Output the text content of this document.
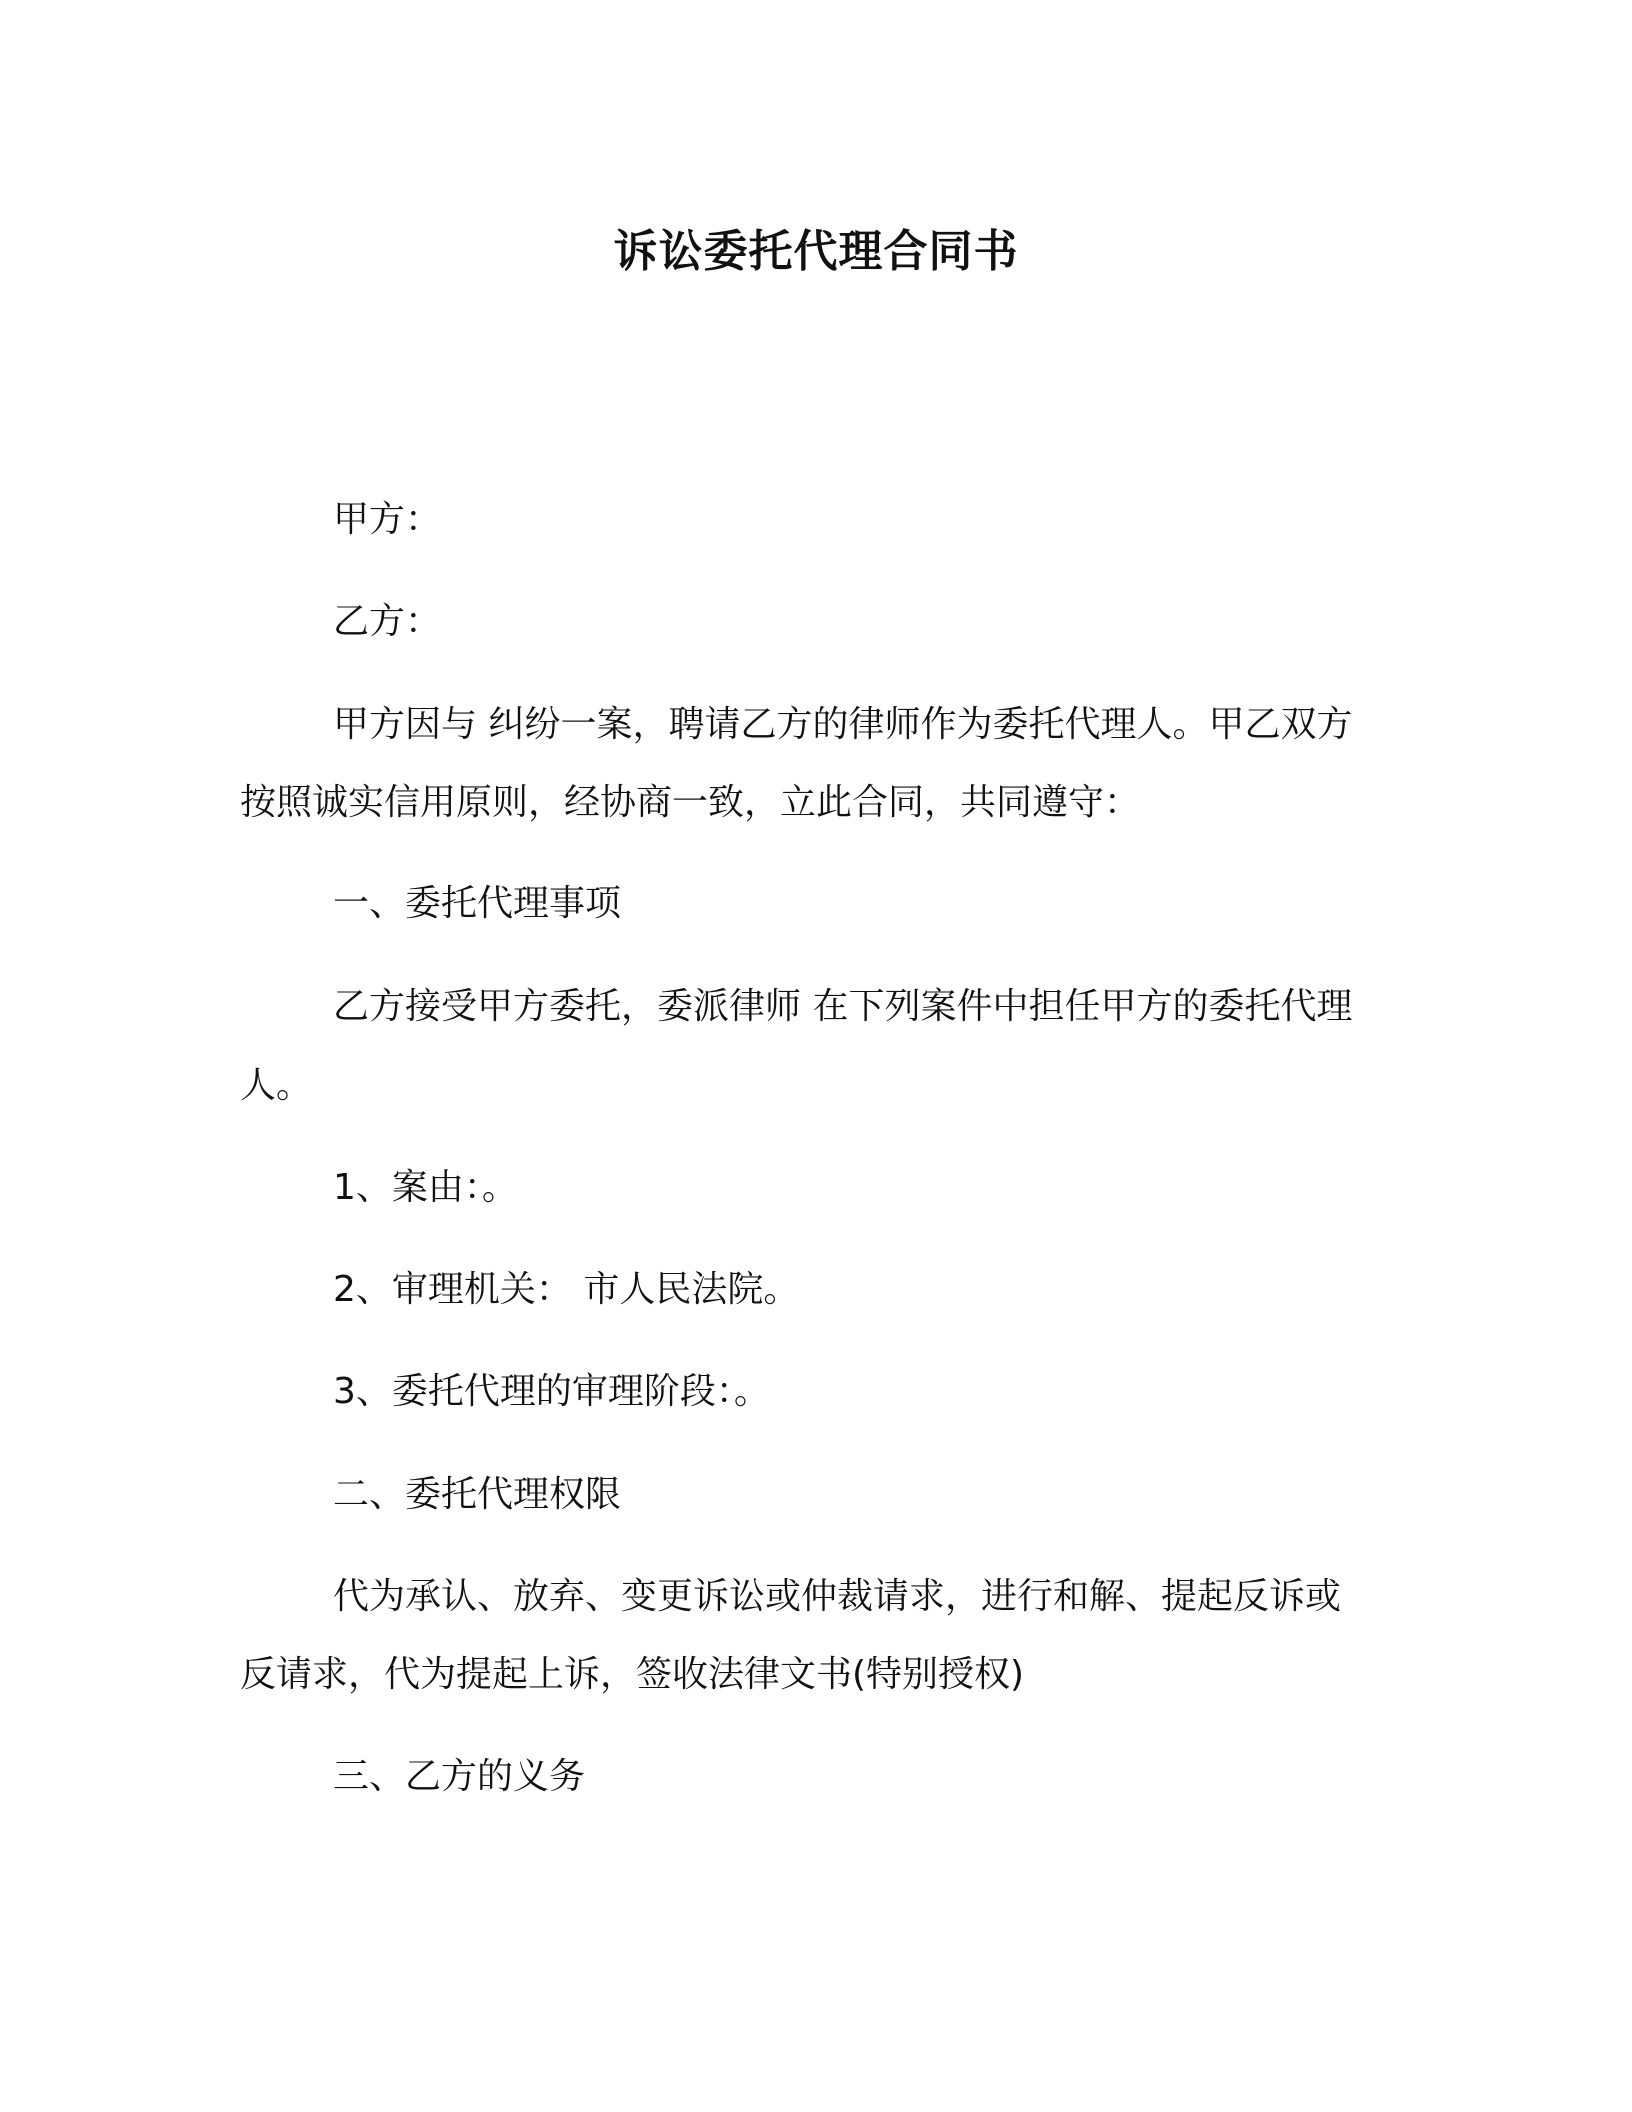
诉讼委托代理合同书
甲方：
乙方：
甲方因与 纠纷一案，聘请乙方的律师作为委托代理人。甲乙双方
按照诚实信用原则，经协商一致，立此合同，共同遵守：
一、委托代理事项
乙方接受甲方委托，委派律师 在下列案件中担任甲方的委托代理
人。
1、案由：。
2、审理机关： 市人民法院。
3、委托代理的审理阶段：。
二、委托代理权限
代为承认、放弃、变更诉讼或仲裁请求，进行和解、提起反诉或
反请求，代为提起上诉，签收法律文书(特别授权)
三、乙方的义务
